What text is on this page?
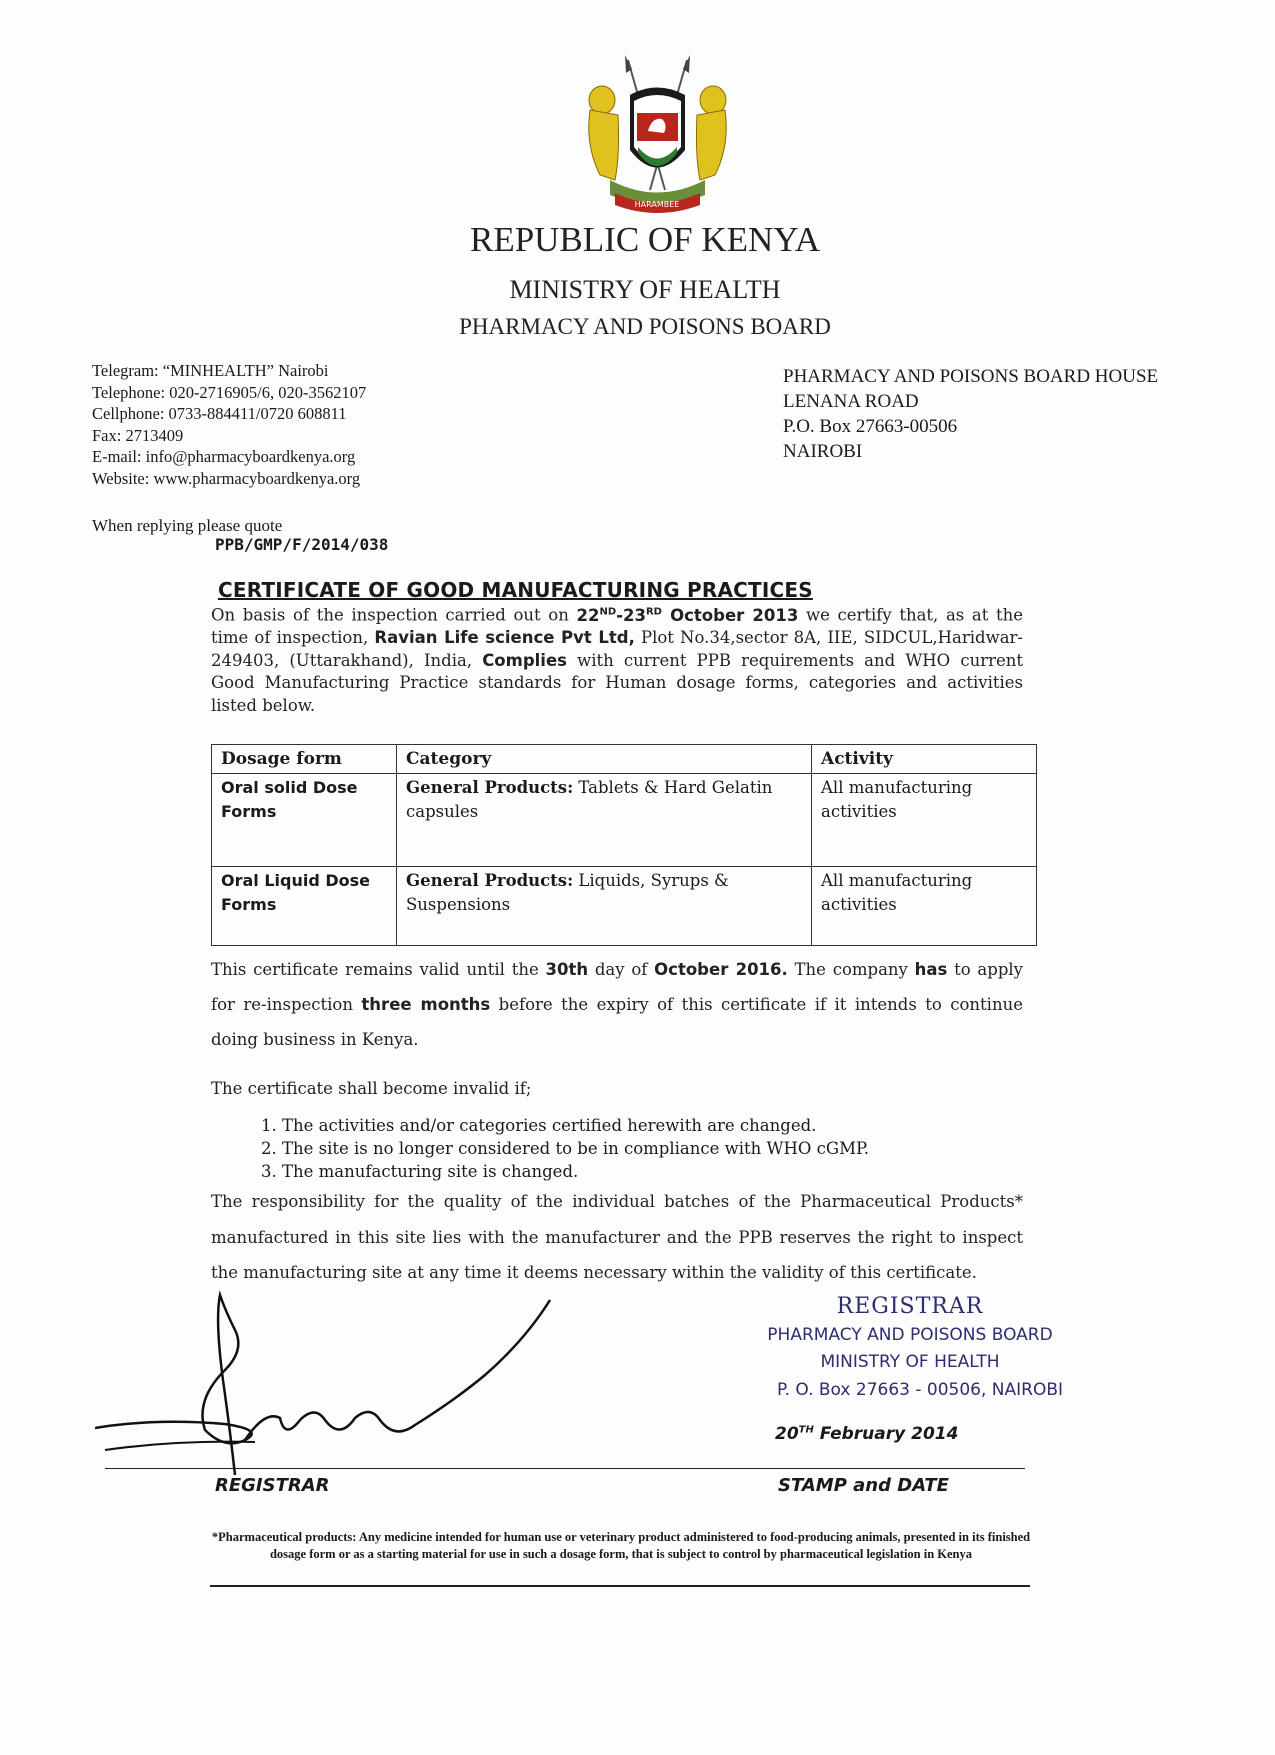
HARAMBEE
REPUBLIC OF KENYA
MINISTRY OF HEALTH
PHARMACY AND POISONS BOARD
Telegram: “MINHEALTH” Nairobi
Telephone: 020-2716905/6, 020-3562107
Cellphone: 0733-884411/0720 608811
Fax: 2713409
E-mail: info@pharmacyboardkenya.org
Website: www.pharmacyboardkenya.org
PHARMACY AND POISONS BOARD HOUSE
LENANA ROAD
P.O. Box 27663-00506
NAIROBI
When replying please quote
PPB/GMP/F/2014/038
CERTIFICATE OF GOOD MANUFACTURING PRACTICES
On basis of the inspection carried out on 22ND-23RD October 2013 we certify that, as at the time of inspection, Ravian Life science Pvt Ltd, Plot No.34,sector 8A, IIE, SIDCUL,Haridwar-249403, (Uttarakhand), India, Complies with current PPB requirements and WHO current Good Manufacturing Practice standards for Human dosage forms, categories and activities listed below.
Dosage form	Category	Activity
Oral solid Dose Forms	General Products: Tablets & Hard Gelatin capsules	All manufacturing activities
Oral Liquid Dose Forms	General Products: Liquids, Syrups & Suspensions	All manufacturing activities
This certificate remains valid until the 30th day of October 2016. The company has to apply for re-inspection three months before the expiry of this certificate if it intends to continue doing business in Kenya.
The certificate shall become invalid if;
1. The activities and/or categories certified herewith are changed.
2. The site is no longer considered to be in compliance with WHO cGMP.
3. The manufacturing site is changed.
The responsibility for the quality of the individual batches of the Pharmaceutical Products* manufactured in this site lies with the manufacturer and the PPB reserves the right to inspect the manufacturing site at any time it deems necessary within the validity of this certificate.
REGISTRAR
PHARMACY AND POISONS BOARD
MINISTRY OF HEALTH
P. O. Box 27663 - 00506, NAIROBI
20TH February 2014
REGISTRAR	STAMP and DATE
*Pharmaceutical products: Any medicine intended for human use or veterinary product administered to food-producing animals, presented in its finished dosage form or as a starting material for use in such a dosage form, that is subject to control by pharmaceutical legislation in Kenya
